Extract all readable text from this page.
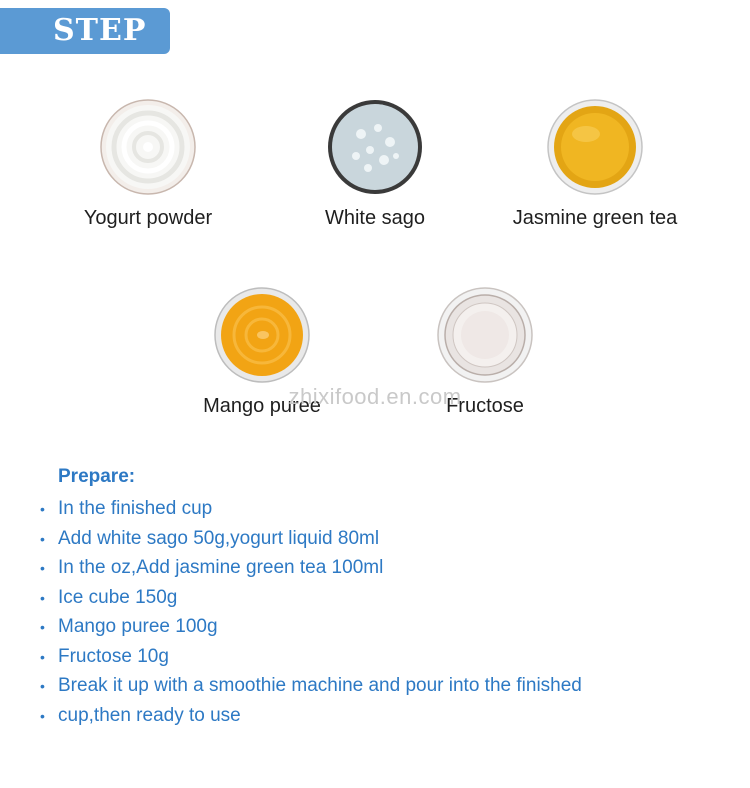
STEP
Yogurt powder	White sago	Jasmine green tea
Mango puree	Fructose
zhixifood.en.com
Prepare:
• In the finished cup
• Add white sago 50g,yogurt liquid 80ml
• In the oz,Add jasmine green tea 100ml
• Ice cube 150g
• Mango puree 100g
• Fructose 10g
• Break it up with a smoothie machine and pour into the finished
• cup,then ready to use
